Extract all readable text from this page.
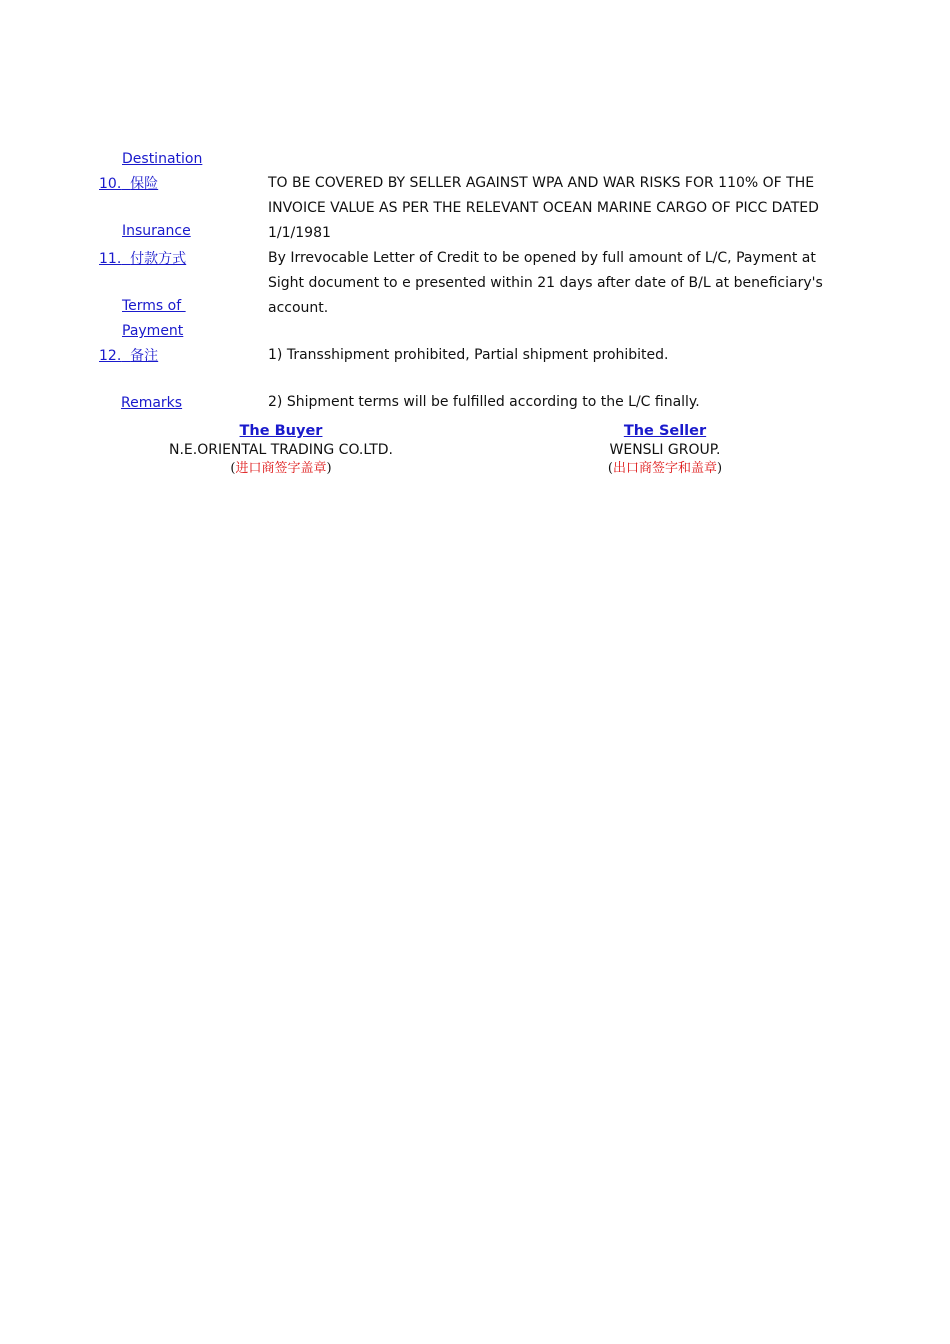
Destination
10. 保险
Insurance
TO BE COVERED BY SELLER AGAINST WPA AND WAR RISKS FOR 110% OF THE
INVOICE VALUE AS PER THE RELEVANT OCEAN MARINE CARGO OF PICC DATED
1/1/1981
11. 付款方式
Terms of
Payment
By Irrevocable Letter of Credit to be opened by full amount of L/C, Payment at
Sight document to e presented within 21 days after date of B/L at beneficiary's
account.
12. 备注
Remarks
1) Transshipment prohibited, Partial shipment prohibited.
2) Shipment terms will be fulfilled according to the L/C finally.
The Buyer
N.E.ORIENTAL TRADING CO.LTD.
(进口商签字盖章)
The Seller
WENSLI GROUP.
(出口商签字和盖章)
